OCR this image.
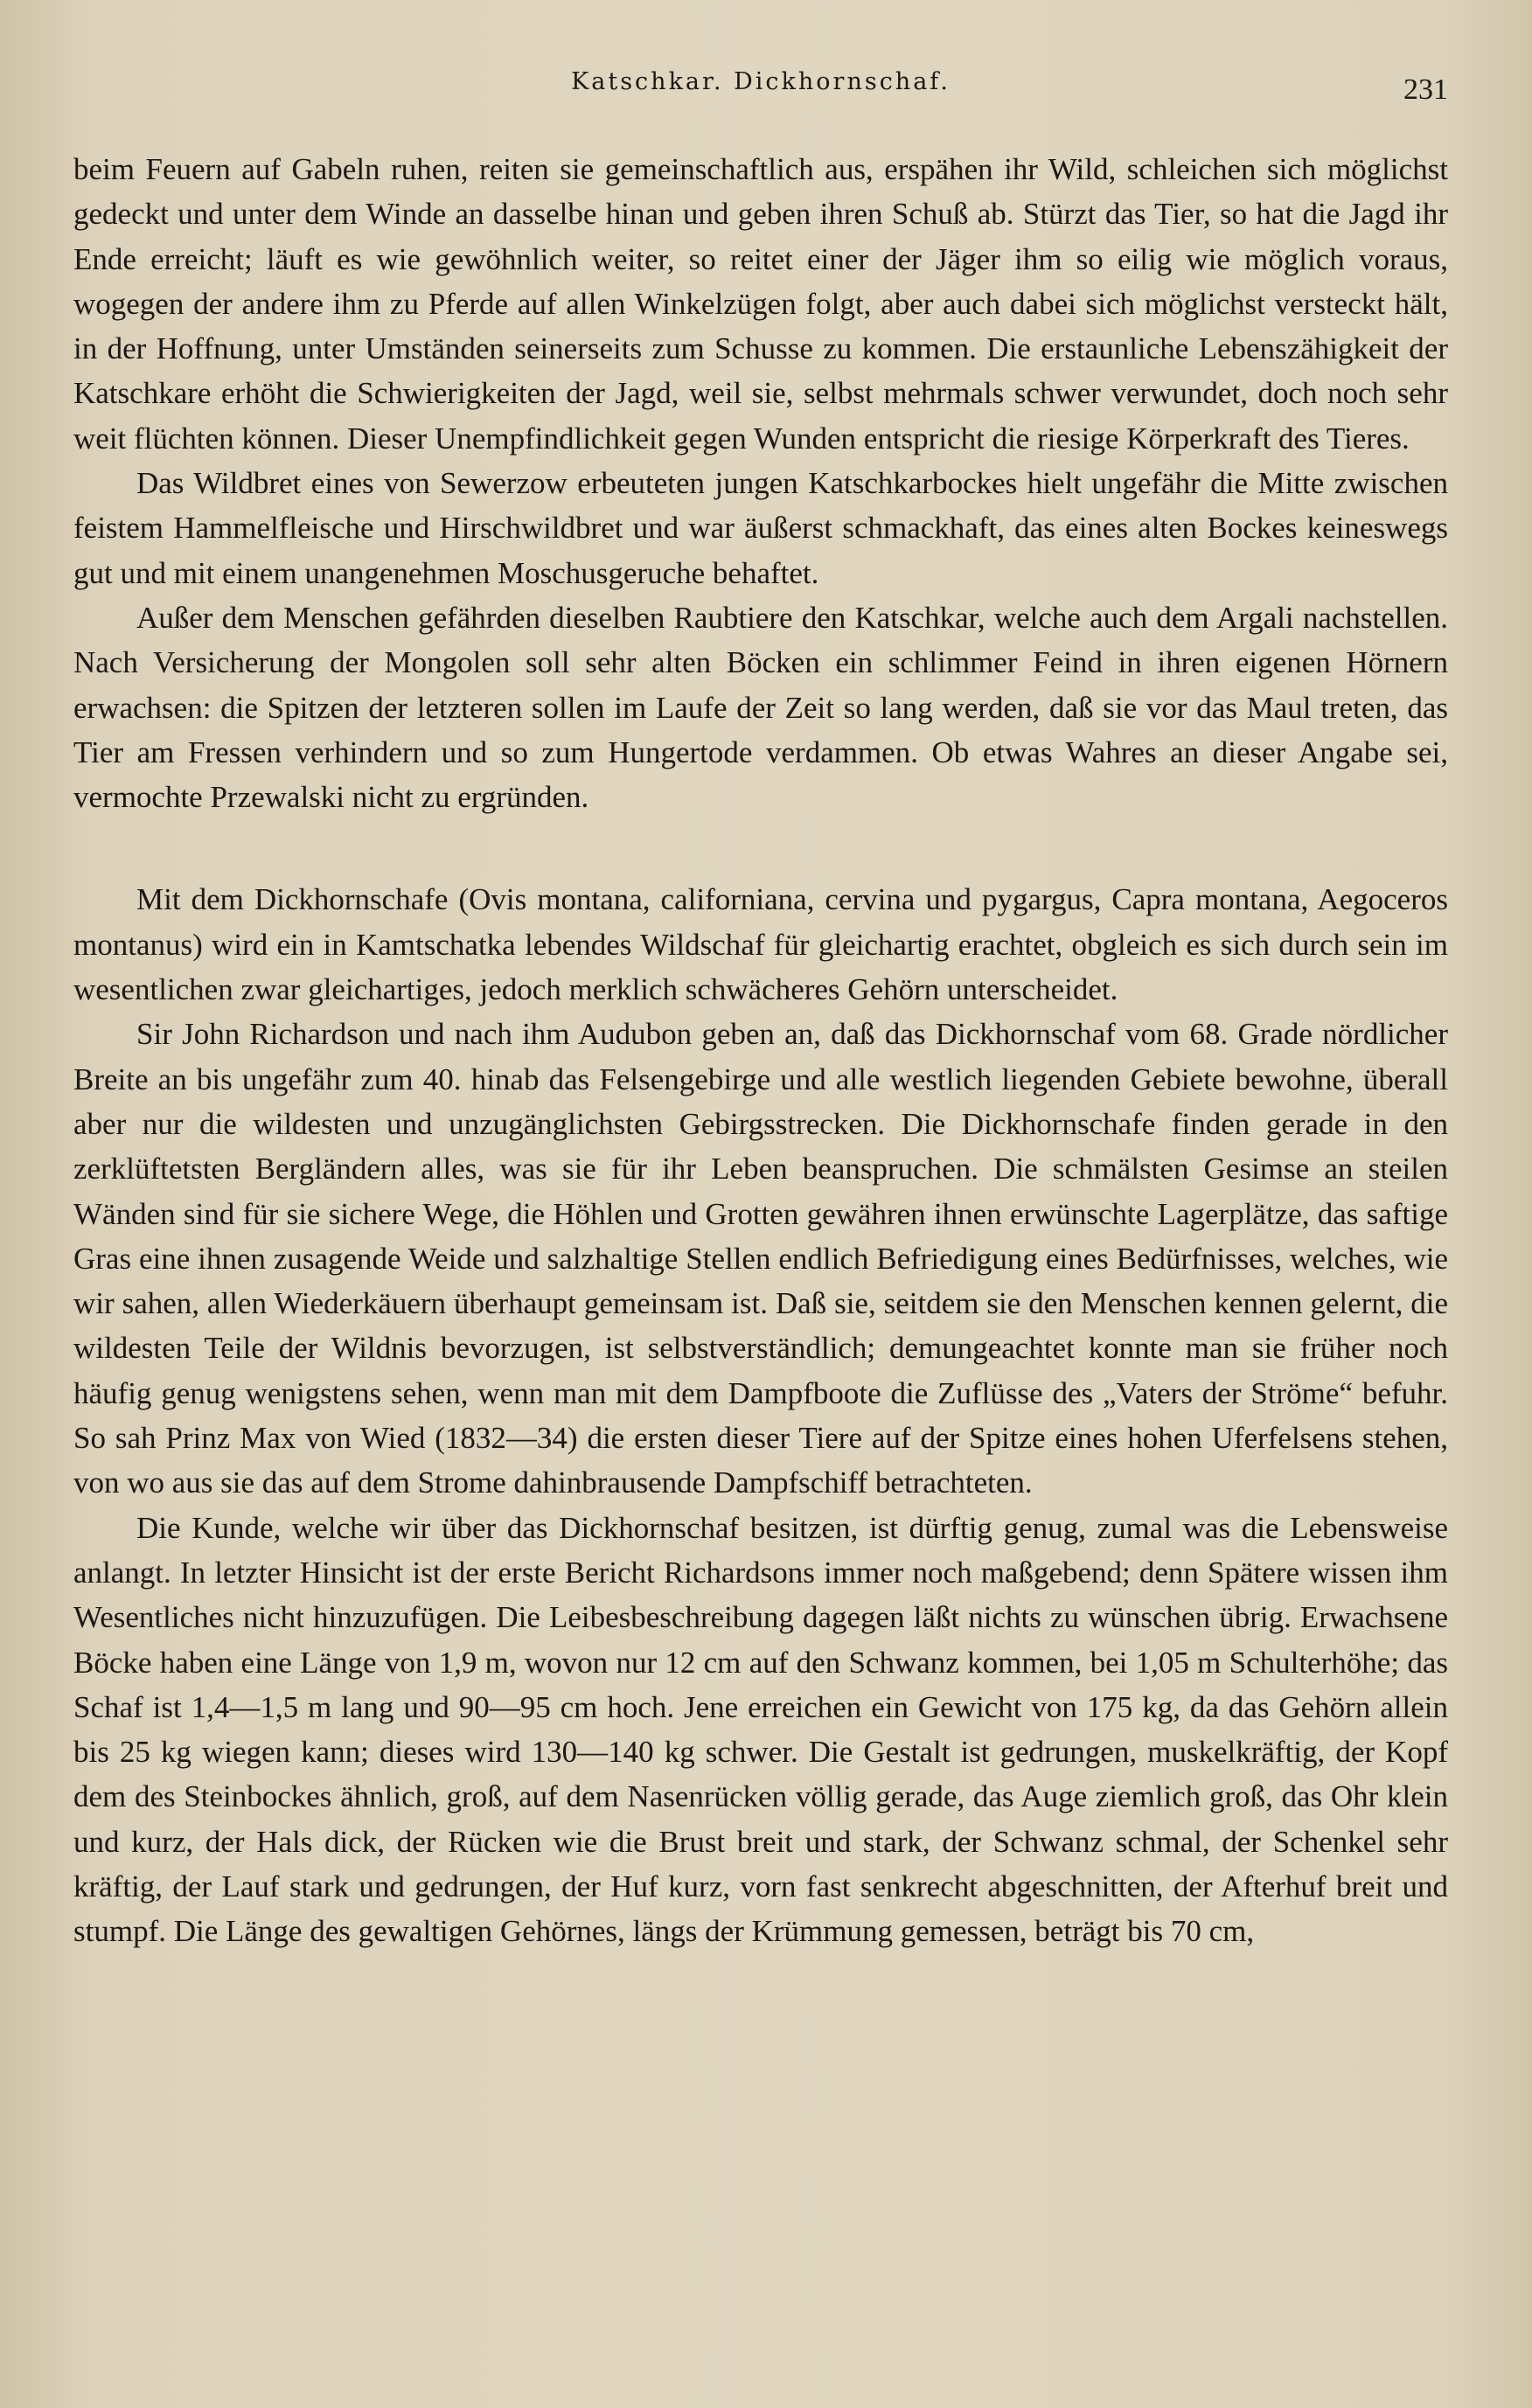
Katschkar. Dickhornschaf.	231

beim Feuern auf Gabeln ruhen, reiten sie gemeinschaftlich aus, erspähen ihr Wild, schleichen sich möglichst gedeckt und unter dem Winde an dasselbe hinan und geben ihren Schuß ab. Stürzt das Tier, so hat die Jagd ihr Ende erreicht; läuft es wie gewöhnlich weiter, so reitet einer der Jäger ihm so eilig wie möglich voraus, wogegen der andere ihm zu Pferde auf allen Winkelzügen folgt, aber auch dabei sich möglichst versteckt hält, in der Hoffnung, unter Umständen seinerseits zum Schusse zu kommen. Die erstaunliche Lebenszähigkeit der Katschkare erhöht die Schwierigkeiten der Jagd, weil sie, selbst mehrmals schwer verwundet, doch noch sehr weit flüchten können. Dieser Unempfindlichkeit gegen Wunden entspricht die riesige Körperkraft des Tieres.

Das Wildbret eines von Sewerzow erbeuteten jungen Katschkarbockes hielt ungefähr die Mitte zwischen feistem Hammelfleische und Hirschwildbret und war äußerst schmackhaft, das eines alten Bockes keineswegs gut und mit einem unangenehmen Moschusgeruche behaftet.

Außer dem Menschen gefährden dieselben Raubtiere den Katschkar, welche auch dem Argali nachstellen. Nach Versicherung der Mongolen soll sehr alten Böcken ein schlimmer Feind in ihren eigenen Hörnern erwachsen: die Spitzen der letzteren sollen im Laufe der Zeit so lang werden, daß sie vor das Maul treten, das Tier am Fressen verhindern und so zum Hungertode verdammen. Ob etwas Wahres an dieser Angabe sei, vermochte Przewalski nicht zu ergründen.

Mit dem Dickhornschafe (Ovis montana, californiana, cervina und pygargus, Capra montana, Aegoceros montanus) wird ein in Kamtschatka lebendes Wildschaf für gleichartig erachtet, obgleich es sich durch sein im wesentlichen zwar gleichartiges, jedoch merklich schwächeres Gehörn unterscheidet.

Sir John Richardson und nach ihm Audubon geben an, daß das Dickhornschaf vom 68. Grade nördlicher Breite an bis ungefähr zum 40. hinab das Felsengebirge und alle westlich liegenden Gebiete bewohne, überall aber nur die wildesten und unzugänglichsten Gebirgsstrecken. Die Dickhornschafe finden gerade in den zerklüftetsten Bergländern alles, was sie für ihr Leben beanspruchen. Die schmälsten Gesimse an steilen Wänden sind für sie sichere Wege, die Höhlen und Grotten gewähren ihnen erwünschte Lagerplätze, das saftige Gras eine ihnen zusagende Weide und salzhaltige Stellen endlich Befriedigung eines Bedürfnisses, welches, wie wir sahen, allen Wiederkäuern überhaupt gemeinsam ist. Daß sie, seitdem sie den Menschen kennen gelernt, die wildesten Teile der Wildnis bevorzugen, ist selbstverständlich; demungeachtet konnte man sie früher noch häufig genug wenigstens sehen, wenn man mit dem Dampfboote die Zuflüsse des „Vaters der Ströme“ befuhr. So sah Prinz Max von Wied (1832—34) die ersten dieser Tiere auf der Spitze eines hohen Uferfelsens stehen, von wo aus sie das auf dem Strome dahinbrausende Dampfschiff betrachteten.

Die Kunde, welche wir über das Dickhornschaf besitzen, ist dürftig genug, zumal was die Lebensweise anlangt. In letzter Hinsicht ist der erste Bericht Richardsons immer noch maßgebend; denn Spätere wissen ihm Wesentliches nicht hinzuzufügen. Die Leibesbeschreibung dagegen läßt nichts zu wünschen übrig. Erwachsene Böcke haben eine Länge von 1,9 m, wovon nur 12 cm auf den Schwanz kommen, bei 1,05 m Schulterhöhe; das Schaf ist 1,4—1,5 m lang und 90—95 cm hoch. Jene erreichen ein Gewicht von 175 kg, da das Gehörn allein bis 25 kg wiegen kann; dieses wird 130—140 kg schwer. Die Gestalt ist gedrungen, muskelkräftig, der Kopf dem des Steinbockes ähnlich, groß, auf dem Nasenrücken völlig gerade, das Auge ziemlich groß, das Ohr klein und kurz, der Hals dick, der Rücken wie die Brust breit und stark, der Schwanz schmal, der Schenkel sehr kräftig, der Lauf stark und gedrungen, der Huf kurz, vorn fast senkrecht abgeschnitten, der Afterhuf breit und stumpf. Die Länge des gewaltigen Gehörnes, längs der Krümmung gemessen, beträgt bis 70 cm,
